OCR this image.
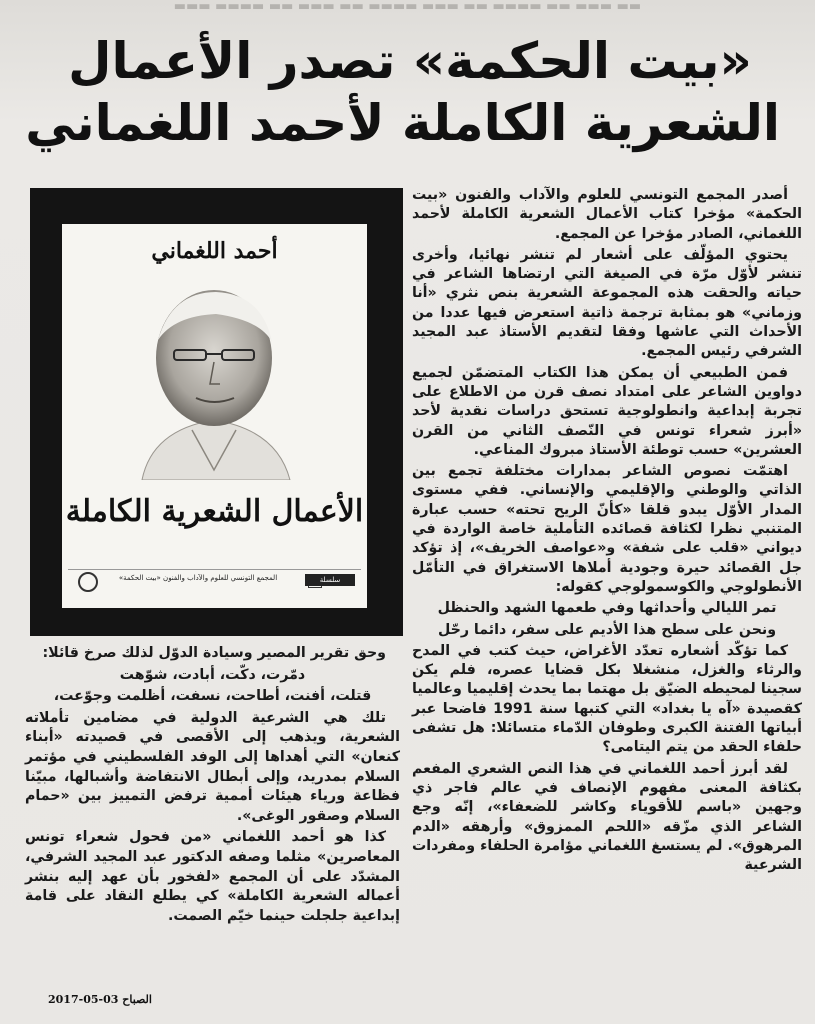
▬▬ ▬▬▬ ▬▬ ▬▬▬▬ ▬▬ ▬▬▬ ▬▬▬▬ ▬▬ ▬▬▬ ▬▬ ▬▬▬▬ ▬▬▬
«بيت الحكمة» تصدر الأعمال
الشعرية الكاملة لأحمد اللغماني
أحمد اللغماني
الأعمال الشعرية الكاملة
المجمع التونسي للعلوم والآداب والفنون «بيت الحكمة»	سلسلة

أصدر المجمع التونسي للعلوم والآداب والفنون «بيت الحكمة» مؤخرا كتاب الأعمال الشعرية الكاملة لأحمد اللغماني، الصادر مؤخرا عن المجمع.

يحتوي المؤلّف على أشعار لم تنشر نهائيا، وأخرى تنشر لأوّل مرّة في الصيغة التي ارتضاها الشاعر في حياته والحقت هذه المجموعة الشعرية بنص نثري «أنا وزماني» هو بمثابة ترجمة ذاتية استعرض فيها عددا من الأحداث التي عاشها وفقا لتقديم الأستاذ عبد المجيد الشرفي رئيس المجمع.

فمن الطبيعي أن يمكن هذا الكتاب المتضمّن لجميع دواوين الشاعر على امتداد نصف قرن من الاطلاع على تجربة إبداعية وانطولوجية تستحق دراسات نقدية لأحد «أبرز شعراء تونس في النّصف الثاني من القرن العشرين» حسب توطئة الأستاذ مبروك المناعي.

اهتمّت نصوص الشاعر بمدارات مختلفة تجمع بين الذاتي والوطني والإقليمي والإنساني. ففي مستوى المدار الأوّل يبدو قلقا «كأنّ الريح تحته» حسب عبارة المتنبي نظرا لكثافة قصائده التأملية خاصة الواردة في ديواني «قلب على شفة» و«عواصف الخريف»، إذ تؤكد جل القصائد حيرة وجودية أملاها الاستغراق في التأمّل الأنطولوجي والكوسمولوجي كقوله:

تمر الليالي وأحداثها وفي طعمها الشهد والحنظل

ونحن على سطح هذا الأديم على سفر، دائما رحّل

كما تؤكّد أشعاره تعدّد الأغراض، حيث كتب في المدح والرثاء والغزل، منشغلا بكل قضايا عصره، فلم يكن سجينا لمحيطه الضيّق بل مهتما بما يحدث إقليميا وعالميا كقصيدة «آه يا بغداد» التي كتبها سنة 1991 فاضحا عبر أبياتها الفتنة الكبرى وطوفان الدّماء متسائلا: هل تشفى حلفاء الحقد من يتم اليتامى؟

لقد أبرز أحمد اللغماني في هذا النص الشعري المفعم بكثافة المعنى مفهوم الإنصاف في عالم فاجر ذي وجهين «باسم للأقوياء وكاشر للضعفاء»، إنّه وجع الشاعر الذي مزّقه «اللحم الممزوق» وأرهقه «الدم المرهوق». لم يستسغ اللغماني مؤامرة الحلفاء ومفردات الشرعية

وحق تقرير المصير وسيادة الدوّل لذلك صرخ قائلا:

دمّرت، دكّت، أبادت، شوّهت

قتلت، أفنت، أطاحت، نسفت، أظلمت وجوّعت،

تلك هي الشرعية الدولية في مضامين تأملاته الشعرية، ويذهب إلى الأقصى في قصيدته «أبناء كنعان» التي أهداها إلى الوفد الفلسطيني في مؤتمر السلام بمدريد، وإلى أبطال الانتفاضة وأشبالها، مبيّنا فظاعة ورياء هيئات أممية ترفض التمييز بين «حمام السلام وصقور الوغى».

كذا هو أحمد اللغماني «من فحول شعراء تونس المعاصرين» مثلما وصفه الدكتور عبد المجيد الشرفي، المشدّد على أن المجمع «لفخور بأن عهد إليه بنشر أعماله الشعرية الكاملة» كي يطلع النقاد على قامة إبداعية جلجلت حينما خيّم الصمت.

الصباح 03-05-2017
